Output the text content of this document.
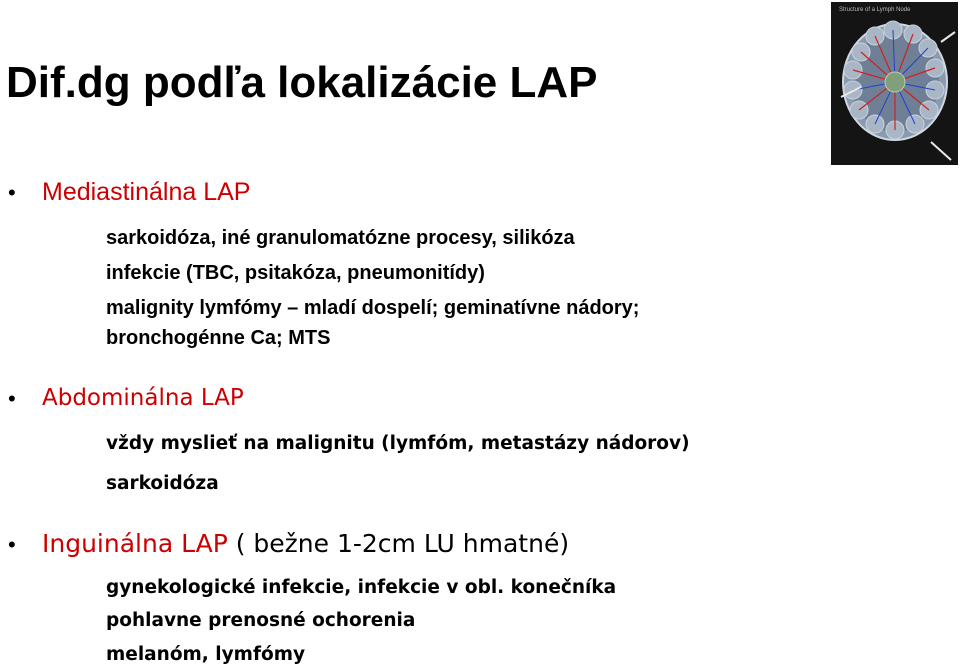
Dif.dg podľa lokalizácie LAP
Structure of a Lymph Node
• Mediastinálna LAP
sarkoidóza, iné granulomatózne procesy, silikóza
infekcie (TBC, psitakóza, pneumonitídy)
malignity lymfómy – mladí dospelí; geminatívne nádory;
bronchogénne Ca; MTS
• Abdominálna LAP
vždy myslieť na malignitu (lymfóm, metastázy nádorov)
sarkoidóza
• Inguinálna LAP ( bežne 1-2cm LU hmatné)
gynekologické infekcie, infekcie v obl. konečníka
pohlavne prenosné ochorenia
melanóm, lymfómy
